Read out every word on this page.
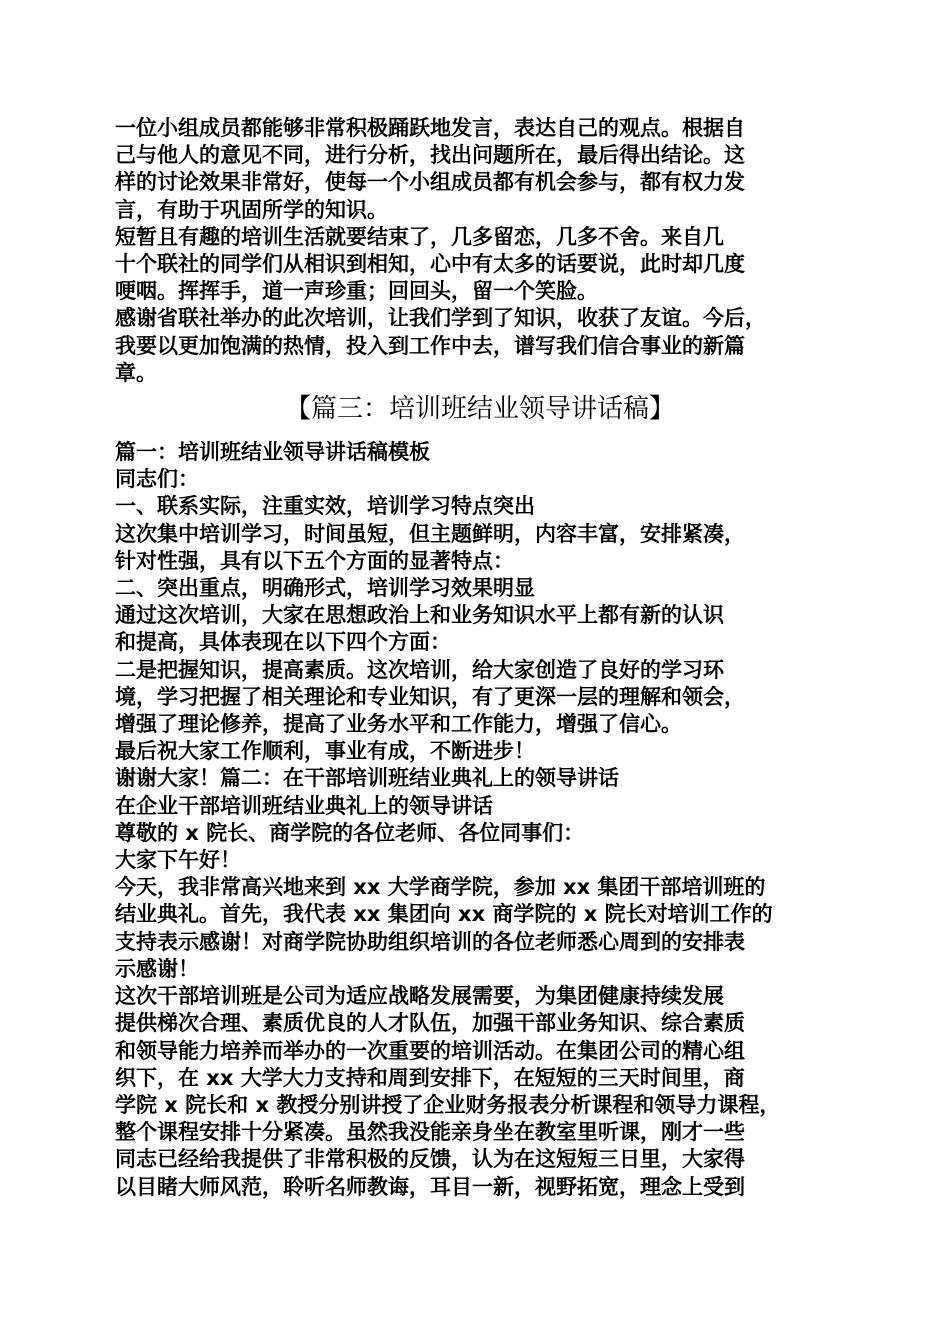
一位小组成员都能够非常积极踊跃地发言，表达自己的观点。根据自
己与他人的意见不同，进行分析，找出问题所在，最后得出结论。这
样的讨论效果非常好，使每一个小组成员都有机会参与，都有权力发
言，有助于巩固所学的知识。
短暂且有趣的培训生活就要结束了，几多留恋，几多不舍。来自几
十个联社的同学们从相识到相知，心中有太多的话要说，此时却几度
哽咽。挥挥手，道一声珍重；回回头，留一个笑脸。
感谢省联社举办的此次培训，让我们学到了知识，收获了友谊。今后，
我要以更加饱满的热情，投入到工作中去，谱写我们信合事业的新篇
章。
【篇三：培训班结业领导讲话稿】
篇一：培训班结业领导讲话稿模板
同志们：
一、联系实际，注重实效，培训学习特点突出
这次集中培训学习，时间虽短，但主题鲜明，内容丰富，安排紧凑，
针对性强，具有以下五个方面的显著特点：
二、突出重点，明确形式，培训学习效果明显
通过这次培训，大家在思想政治上和业务知识水平上都有新的认识
和提高，具体表现在以下四个方面：
二是把握知识，提高素质。这次培训，给大家创造了良好的学习环
境，学习把握了相关理论和专业知识，有了更深一层的理解和领会，
增强了理论修养，提高了业务水平和工作能力，增强了信心。
最后祝大家工作顺利，事业有成，不断进步！
谢谢大家！篇二：在干部培训班结业典礼上的领导讲话
在企业干部培训班结业典礼上的领导讲话
尊敬的 x 院长、商学院的各位老师、各位同事们：
大家下午好！
今天，我非常高兴地来到 xx 大学商学院，参加 xx 集团干部培训班的
结业典礼。首先，我代表 xx 集团向 xx 商学院的 x 院长对培训工作的
支持表示感谢！对商学院协助组织培训的各位老师悉心周到的安排表
示感谢！
这次干部培训班是公司为适应战略发展需要，为集团健康持续发展
提供梯次合理、素质优良的人才队伍，加强干部业务知识、综合素质
和领导能力培养而举办的一次重要的培训活动。在集团公司的精心组
织下，在 xx 大学大力支持和周到安排下，在短短的三天时间里，商
学院 x 院长和 x 教授分别讲授了企业财务报表分析课程和领导力课程，
整个课程安排十分紧凑。虽然我没能亲身坐在教室里听课，刚才一些
同志已经给我提供了非常积极的反馈，认为在这短短三日里，大家得
以目睹大师风范，聆听名师教诲，耳目一新，视野拓宽，理念上受到
